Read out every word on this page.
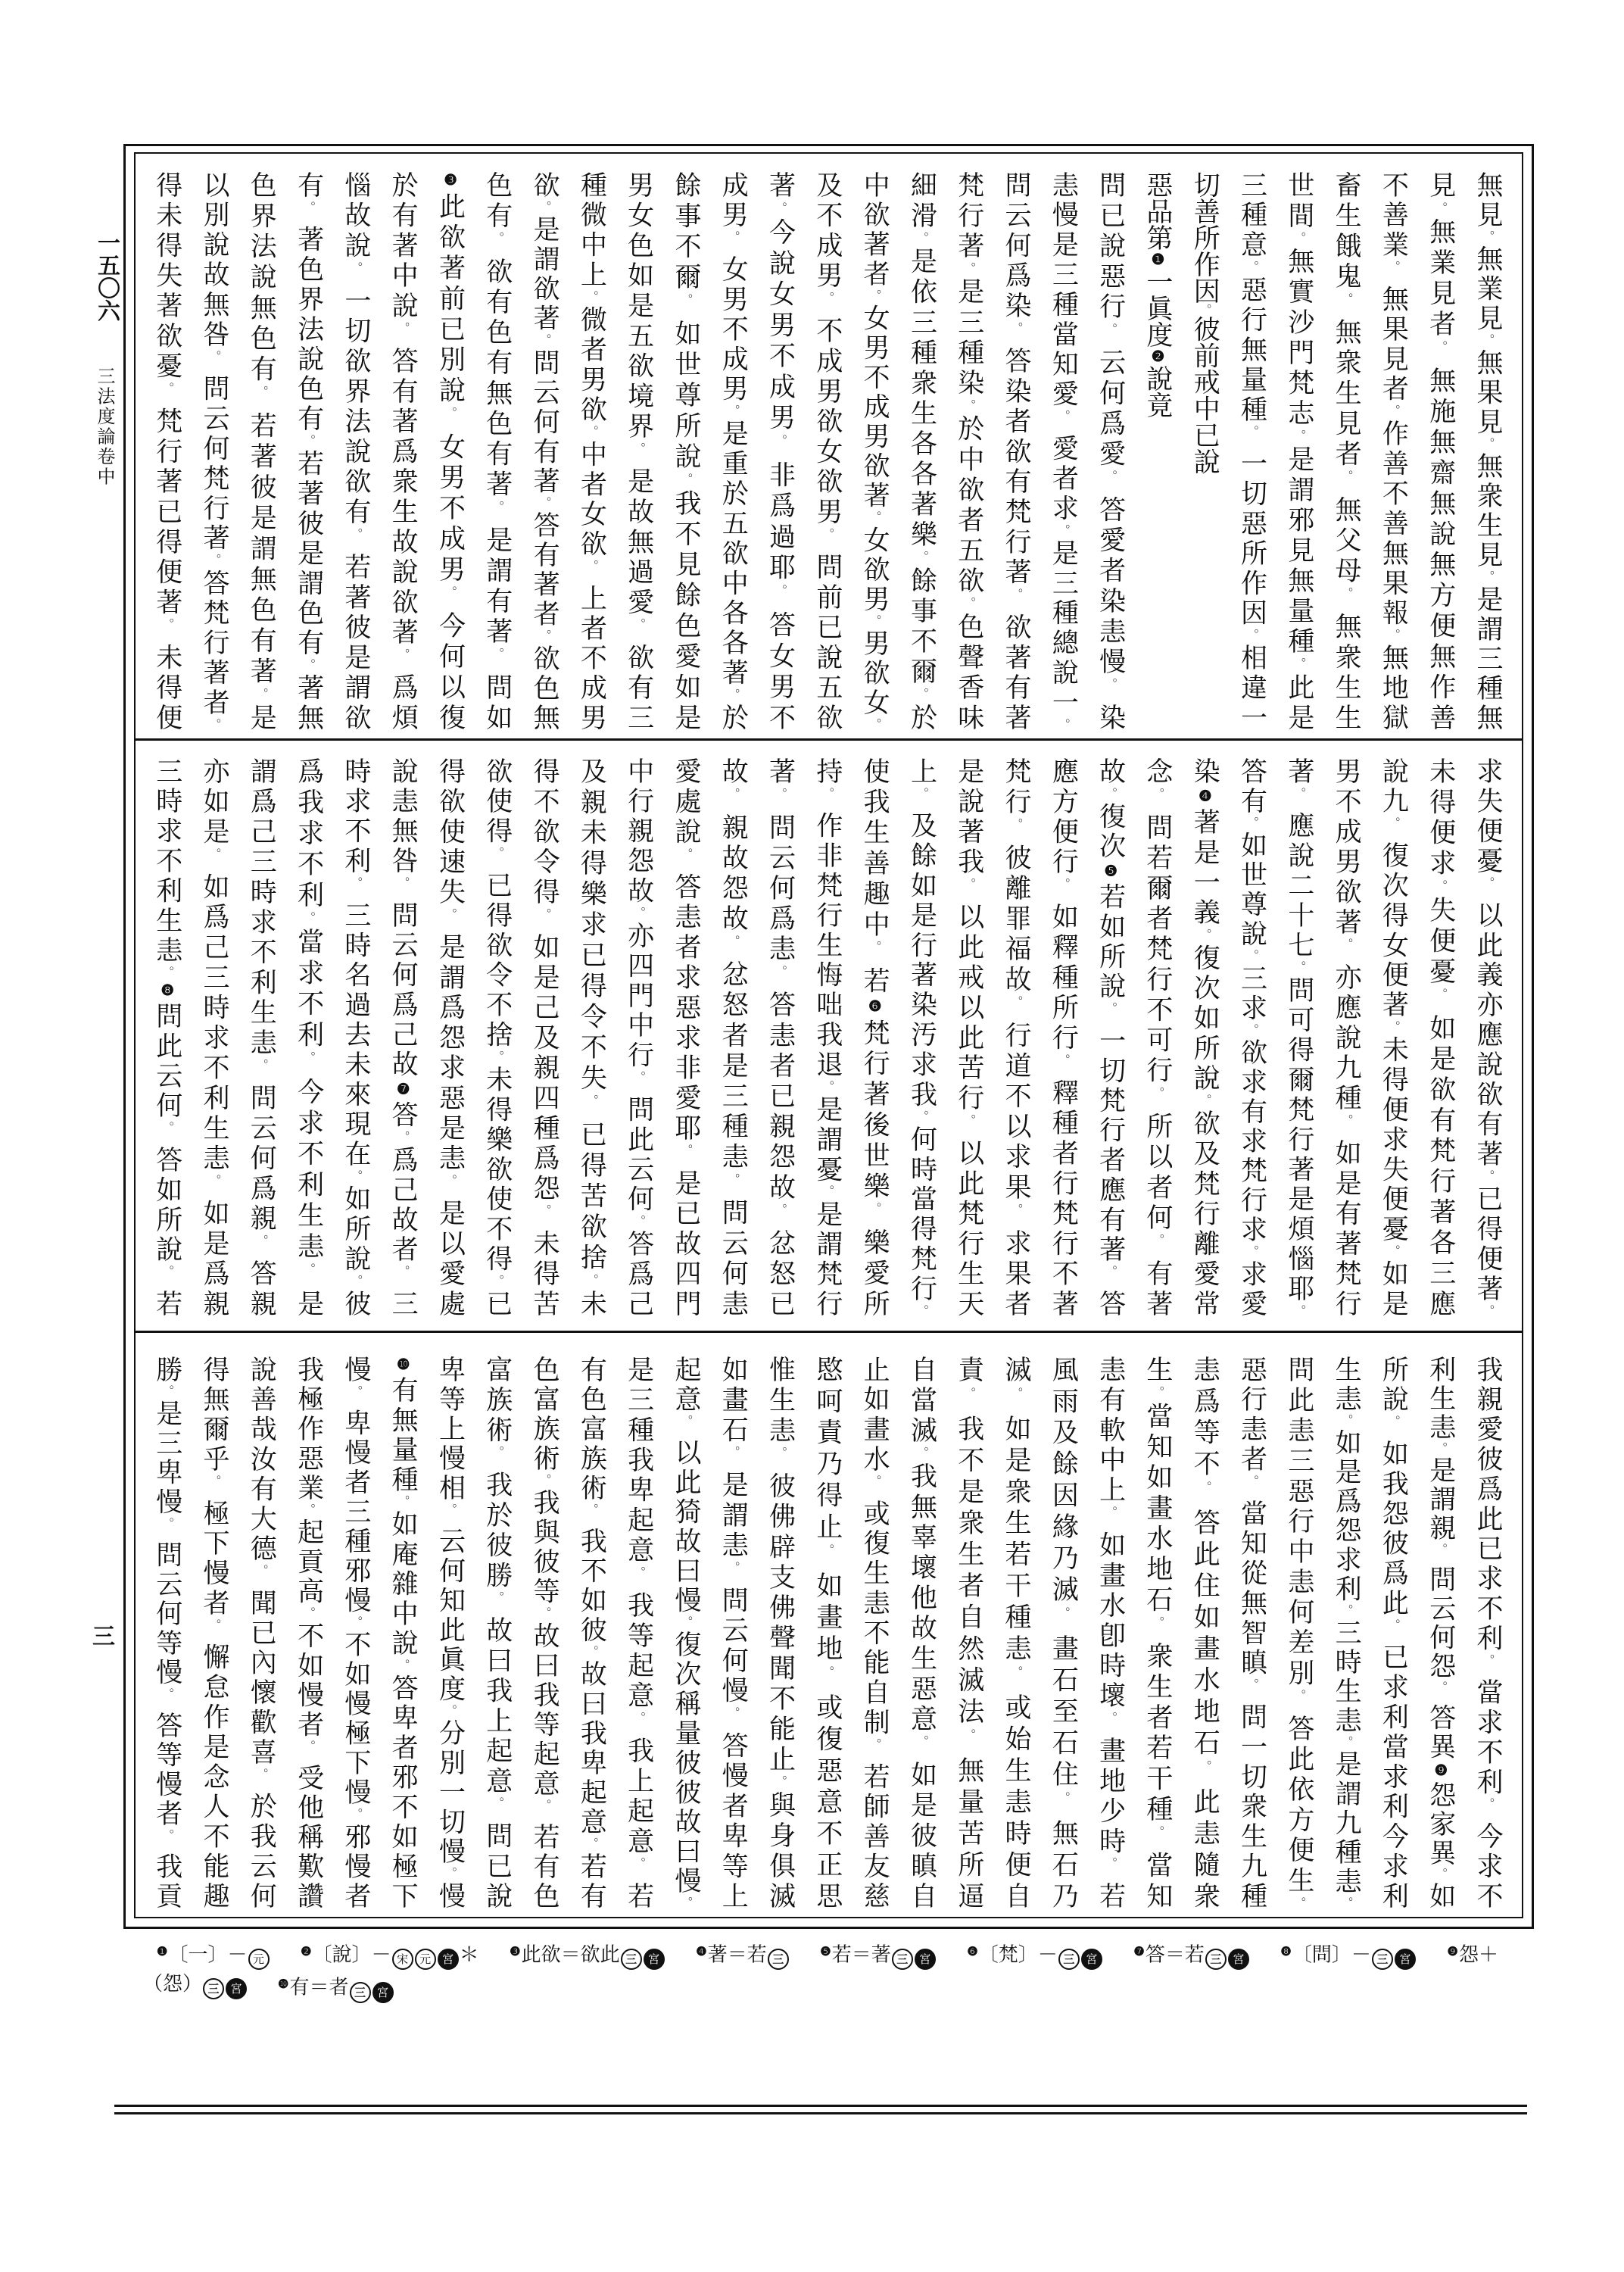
一五〇六
三法度論卷中
三
無見。無業見。無果見。無衆生見。是謂三種無
見。無業見者。　無施無齋無說無方便無作善
不善業。　無果見者。作善不善無果報。無地獄
畜生餓鬼。　無衆生見者。　無父母。　無衆生生
世間。無實沙門梵志。是謂邪見無量種。此是
三種意。惡行無量種。　一切惡所作因。相違一
切善所作因。彼前戒中已說
惡品第❶一眞度❷說竟
問已說惡行。　云何爲愛。　答愛者染恚慢。　染
恚慢是三種當知愛。　愛者求。是三種總說一。
問云何爲染。　答染者欲有梵行著。　欲著有著
梵行著。是三種染。於中欲者五欲。色聲香味
細滑。是依三種衆生各各著樂。餘事不爾。於
中欲著者。女男不成男欲著。女欲男。男欲女。
及不成男。　不成男欲女欲男。　問前已說五欲
著。今說女男不成男。　非爲過耶。　答女男不
成男。　女男不成男。是重於五欲中各各著。於
餘事不爾。　如世尊所說。我不見餘色愛如是
男女色如是五欲境界。　是故無過愛。　欲有三
種微中上。微者男欲。中者女欲。　上者不成男
欲。是謂欲著。問云何有著。答有著者。欲色無
色有。　欲有色有無色有著。　是謂有著。　問如
❸此欲著前已別說。　女男不成男。　今何以復
於有著中說。　答有著爲衆生故說欲著。　爲煩
惱故說。　一切欲界法說欲有。　若著彼是謂欲
有。　著色界法說色有。若著彼是謂色有。著無
色界法說無色有。　若著彼是謂無色有著。是
以別說故無咎。　問云何梵行著。答梵行著者。
得未得失著欲憂。　梵行著已得便著。　未得便
求失便憂。　以此義亦應說欲有著。已得便著。
未得便求。失便憂。　如是欲有梵行著各三應
說九。　復次得女便著。未得便求失便憂。如是
男不成男欲著。　亦應說九種。　如是有著梵行
著。　應說二十七。問可得爾梵行著是煩惱耶。
答有。如世尊說。三求。欲求有求梵行求。求愛
染❹著是一義。復次如所說。欲及梵行離愛常
念。　問若爾者梵行不可行。　所以者何。　有著
故。復次❺若如所說。　一切梵行者應有著。　答
應方便行。　如釋種所行。　釋種者行梵行不著
梵行。　彼離罪福故。　行道不以求果。　求果者
是說著我。　以此戒以此苦行。　以此梵行生天
上。　及餘如是行著染汚求我。何時當得梵行。
使我生善趣中。　若❻梵行著後世樂。　樂愛所
持。　作非梵行生悔咄我退。是謂憂。是謂梵行
著。　問云何爲恚。　答恚者已親怨故。　忿怒已
故。　親故怨故。　忿怒者是三種恚。　問云何恚
愛處說。　答恚者求惡求非愛耶。　是已故四門
中行親怨故。亦四門中行。　問此云何。答爲己
及親未得樂求已得令不失。　已得苦欲捨。未
得不欲令得。　如是己及親四種爲怨。　未得苦
欲使得。　已得欲令不捨。未得樂欲使不得。已
得欲使速失。　是謂爲怨求惡是恚。　是以愛處
說恚無咎。　問云何爲己故❼答。爲己故者。　三
時求不利。　三時名過去未來現在。如所說。彼
爲我求不利。當求不利。　今求不利生恚。　是
謂爲己三時求不利生恚。　問云何爲親。　答親
亦如是。　如爲己三時求不利生恚。　如是爲親
三時求不利生恚。❽問此云何。　答如所說。　若
我親愛彼爲此已求不利。　當求不利。　今求不
利生恚。是謂親。　問云何怨。　答異❾怨家異。如
所說。　如我怨彼爲此。　已求利當求利今求利
生恚。如是爲怨求利。三時生恚。是謂九種恚。
問此恚三惡行中恚何差別。　答此依方便生。
惡行恚者。　當知從無智瞋。　問一切衆生九種
恚爲等不。　答此住如畫水地石。　此恚隨衆
生。當知如畫水地石。　衆生者若干種。　當知
恚有軟中上。　如畫水卽時壞。　畫地少時。　若
風雨及餘因緣乃滅。　畫石至石住。　無石乃
滅。　如是衆生若干種恚。　或始生恚時便自
責。　我不是衆生者自然滅法。　無量苦所逼
自當滅。我無辜壞他故生惡意。　如是彼瞋自
止如畫水。　或復生恚不能自制。　若師善友慈
愍呵責乃得止。　如畫地。　或復惡意不正思
惟生恚。　彼佛辟支佛聲聞不能止。與身俱滅
如畫石。　是謂恚。　問云何慢。　答慢者卑等上
起意。　以此猗故曰慢。復次稱量彼彼故曰慢。
是三種我卑起意。　我等起意。　我上起意。　若
有色富族術。　我不如彼。故曰我卑起意。若有
色富族術。我與彼等。故曰我等起意。　若有色
富族術。　我於彼勝。　故曰我上起意。　問已說
卑等上慢相。　云何知此眞度。分別一切慢。慢
❿有無量種。如庵雜中說。答卑者邪不如極下
慢。　卑慢者三種邪慢。不如慢極下慢。邪慢者
我極作惡業。起貢高。不如慢者。　受他稱歎讚
說善哉汝有大德。　聞已內懷歡喜。　於我云何
得無爾乎。　極下慢者。　懈怠作是念人不能趣
勝。是三卑慢。　問云何等慢。　答等慢者。　我貢
$^❶$〔一〕－ 元
$^❷$〔說〕－ 宋 元 宮 ＊	$^❸$此欲＝欲此 三 宮
$^❹$著＝若 三
$^❺$若＝著 三 宮
$^❻$〔梵〕－ 三 宮
$^❼$答＝若 三 宮
$^❽$〔問〕－ 三 宮
$^❾$怨＋
（怨） 三 宮	$^❿$有＝者 三 宮
